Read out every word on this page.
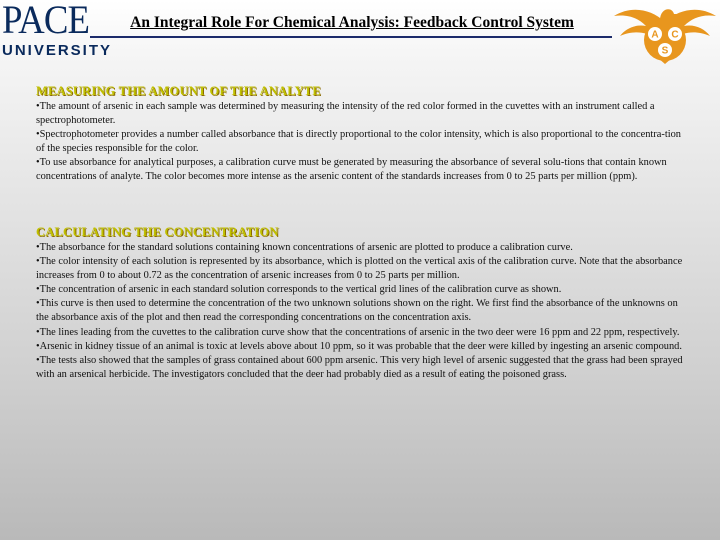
PACE
UNIVERSITY
An Integral Role For Chemical Analysis: Feedback Control System
A C
S
MEASURING THE AMOUNT OF THE ANALYTE

•The amount of arsenic in each sample was determined by measuring the intensity of the red color formed in the cuvettes with an instrument called a spectrophotometer.

•Spectrophotometer provides a number called absorbance that is directly proportional to the color intensity, which is also proportional to the concentra-tion of the species responsible for the color.

•To use absorbance for analytical purposes, a calibration curve must be generated by measuring the absorbance of several solu-tions that contain known concentrations of analyte. The color becomes more intense as the arsenic content of the standards increases from 0 to 25 parts per million (ppm).

CALCULATING THE CONCENTRATION

•The absorbance for the standard solutions containing known concentrations of arsenic are plotted to produce a calibration curve.

•The color intensity of each solution is represented by its absorbance, which is plotted on the vertical axis of the calibration curve. Note that the absorbance increases from 0 to about 0.72 as the concentration of arsenic increases from 0 to 25 parts per million.

•The concentration of arsenic in each standard solution corresponds to the vertical grid lines of the calibration curve as shown.

•This curve is then used to determine the concentration of the two unknown solutions shown on the right. We first find the absorbance of the unknowns on the absorbance axis of the plot and then read the corresponding concentrations on the concentration axis.

•The lines leading from the cuvettes to the calibration curve show that the concentrations of arsenic in the two deer were 16 ppm and 22 ppm, respectively.

•Arsenic in kidney tissue of an animal is toxic at levels above about 10 ppm, so it was probable that the deer were killed by ingesting an arsenic compound.

•The tests also showed that the samples of grass contained about 600 ppm arsenic. This very high level of arsenic suggested that the grass had been sprayed with an arsenical herbicide. The investigators concluded that the deer had probably died as a result of eating the poisoned grass.
